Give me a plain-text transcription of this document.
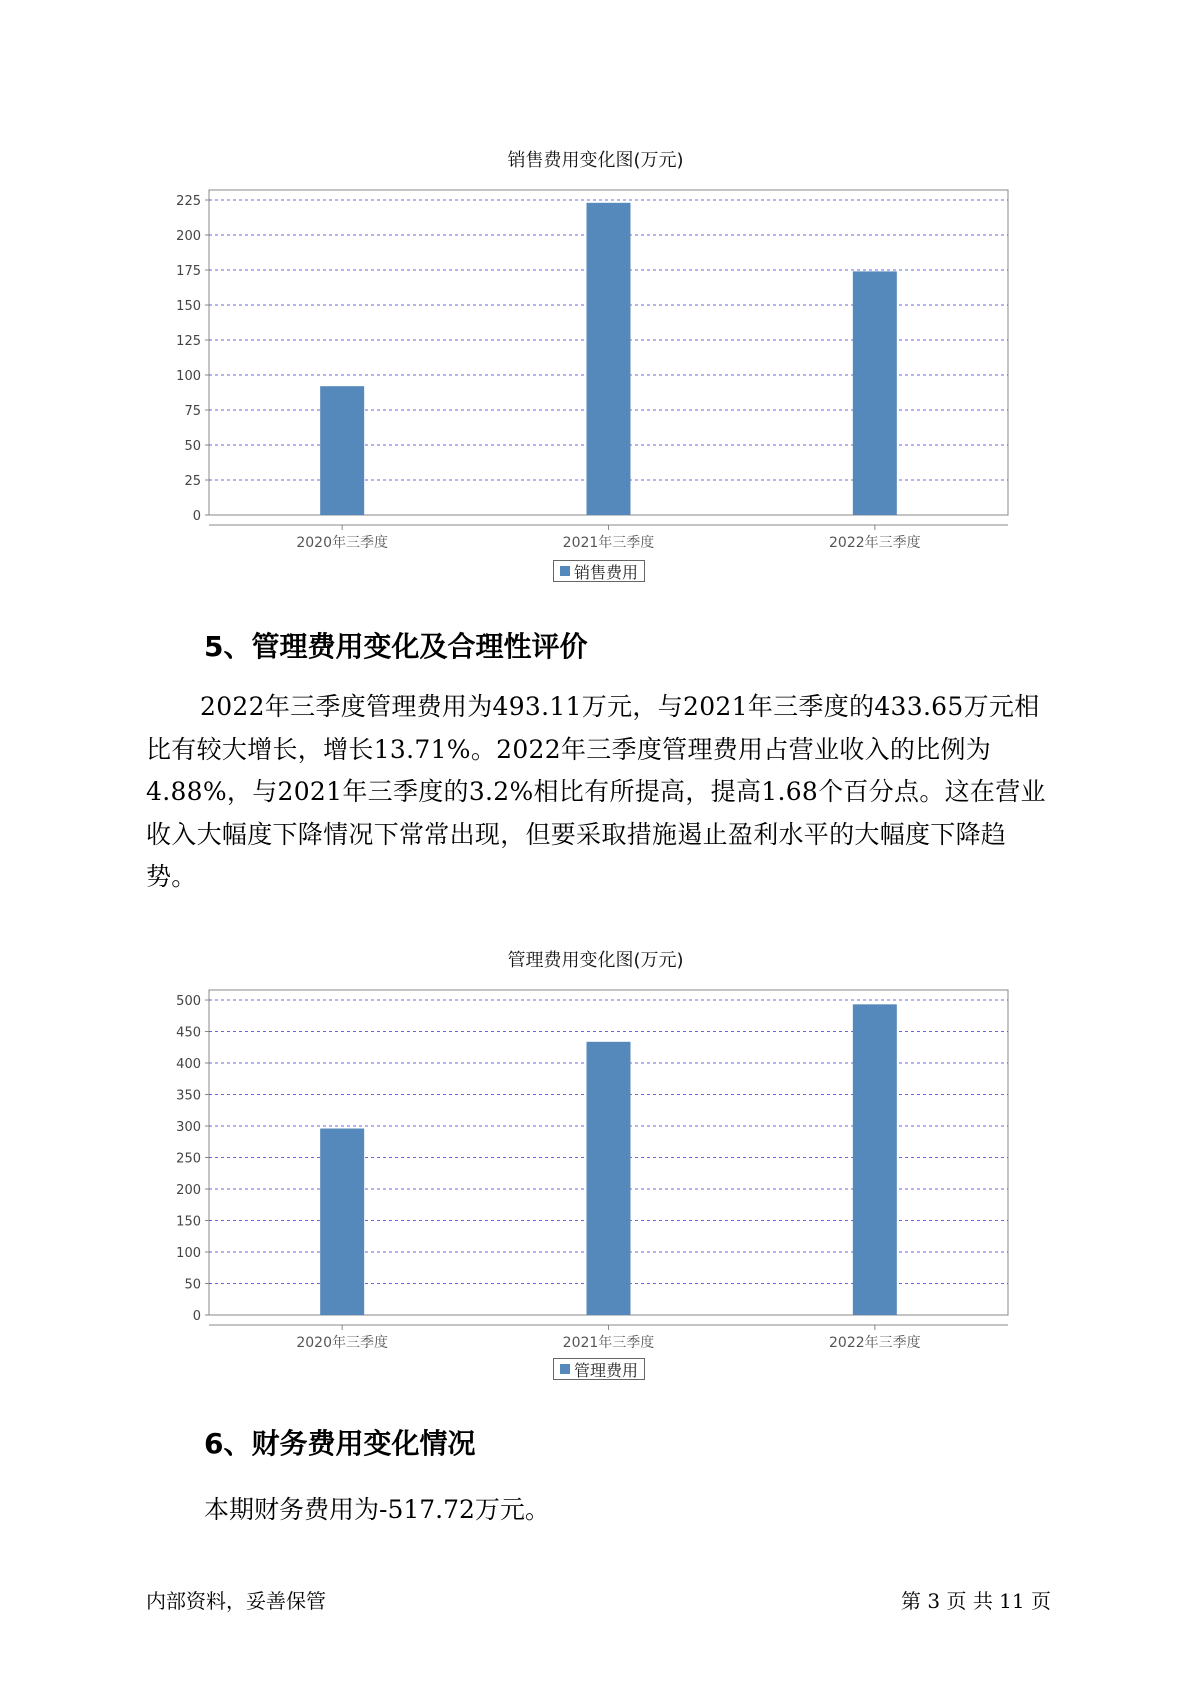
销售费用变化图(万元)
0
25
50
75
100
125
150
175
200
225
2020年三季度	2021年三季度	2022年三季度
销售费用
5、管理费用变化及合理性评价

2022年三季度管理费用为493.11万元，与2021年三季度的433.65万元相比有较大增长，增长13.71%。2022年三季度管理费用占营业收入的比例为4.88%，与2021年三季度的3.2%相比有所提高，提高1.68个百分点。这在营业收入大幅度下降情况下常常出现，但要采取措施遏止盈利水平的大幅度下降趋势。

管理费用变化图(万元)
0
50
100
150
200
250
300
350
400
450
500
2020年三季度	2021年三季度	2022年三季度
管理费用
6、财务费用变化情况

本期财务费用为-517.72万元。

内部资料，妥善保管	第 3 页 共 11 页
